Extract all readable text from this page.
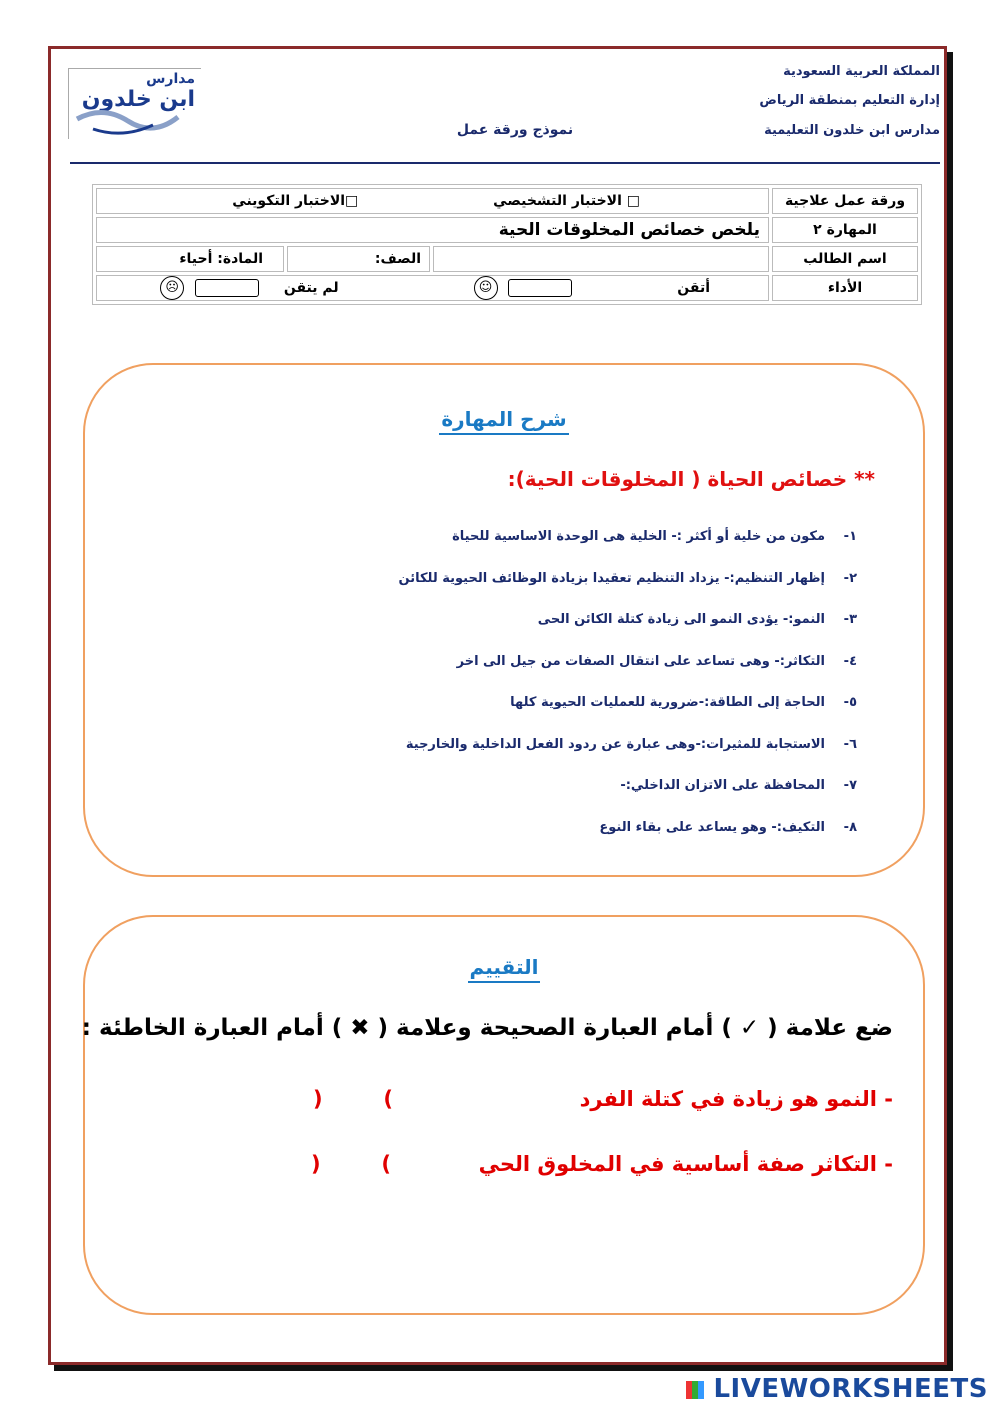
المملكة العربية السعودية
إدارة التعليم بمنطقة الرياض
مدارس ابن خلدون التعليمية
نموذج ورقة عمل
مدارس
ابن خلدون
ورقة عمل علاجية	□ الاختبار التشخيصي □الاختبار التكويني		
المهارة ٢	يلخص خصائص المخلوقات الحية		
اسم الطالب		الصف:	المادة: أحياء
الأداء	أتقن  ☺ لم يتقن  ☹		
شرح المهارة
** خصائص الحياة ( المخلوقات الحية):
١-مكون من خلية أو أكثر :- الخلية هى الوحدة الاساسية للحياة
٢-إظهار التنظيم:- يزداد التنظيم تعقيدا بزيادة الوظائف الحيوية للكائن
٣-النمو:- يؤدى النمو الى زيادة كتلة الكائن الحى
٤-التكاثر:- وهى تساعد على انتقال الصفات من جيل الى اخر
٥-الحاجة إلى الطاقة:-ضرورية للعمليات الحيوية كلها
٦-الاستجابة للمثيرات:-وهى عبارة عن ردود الفعل الداخلية والخارجية
٧-المحافظة على الاتزان الداخلي:-
٨-التكيف:- وهو يساعد على بقاء النوع
التقييم
ضع علامة ( ✓ ) أمام العبارة الصحيحة وعلامة ( ✖ ) أمام العبارة الخاطئة :
- النمو هو زيادة في كتلة الفرد
)	(
- التكاثر صفة أساسية في المخلوق الحي
)	(
LIVEWORKSHEETS
